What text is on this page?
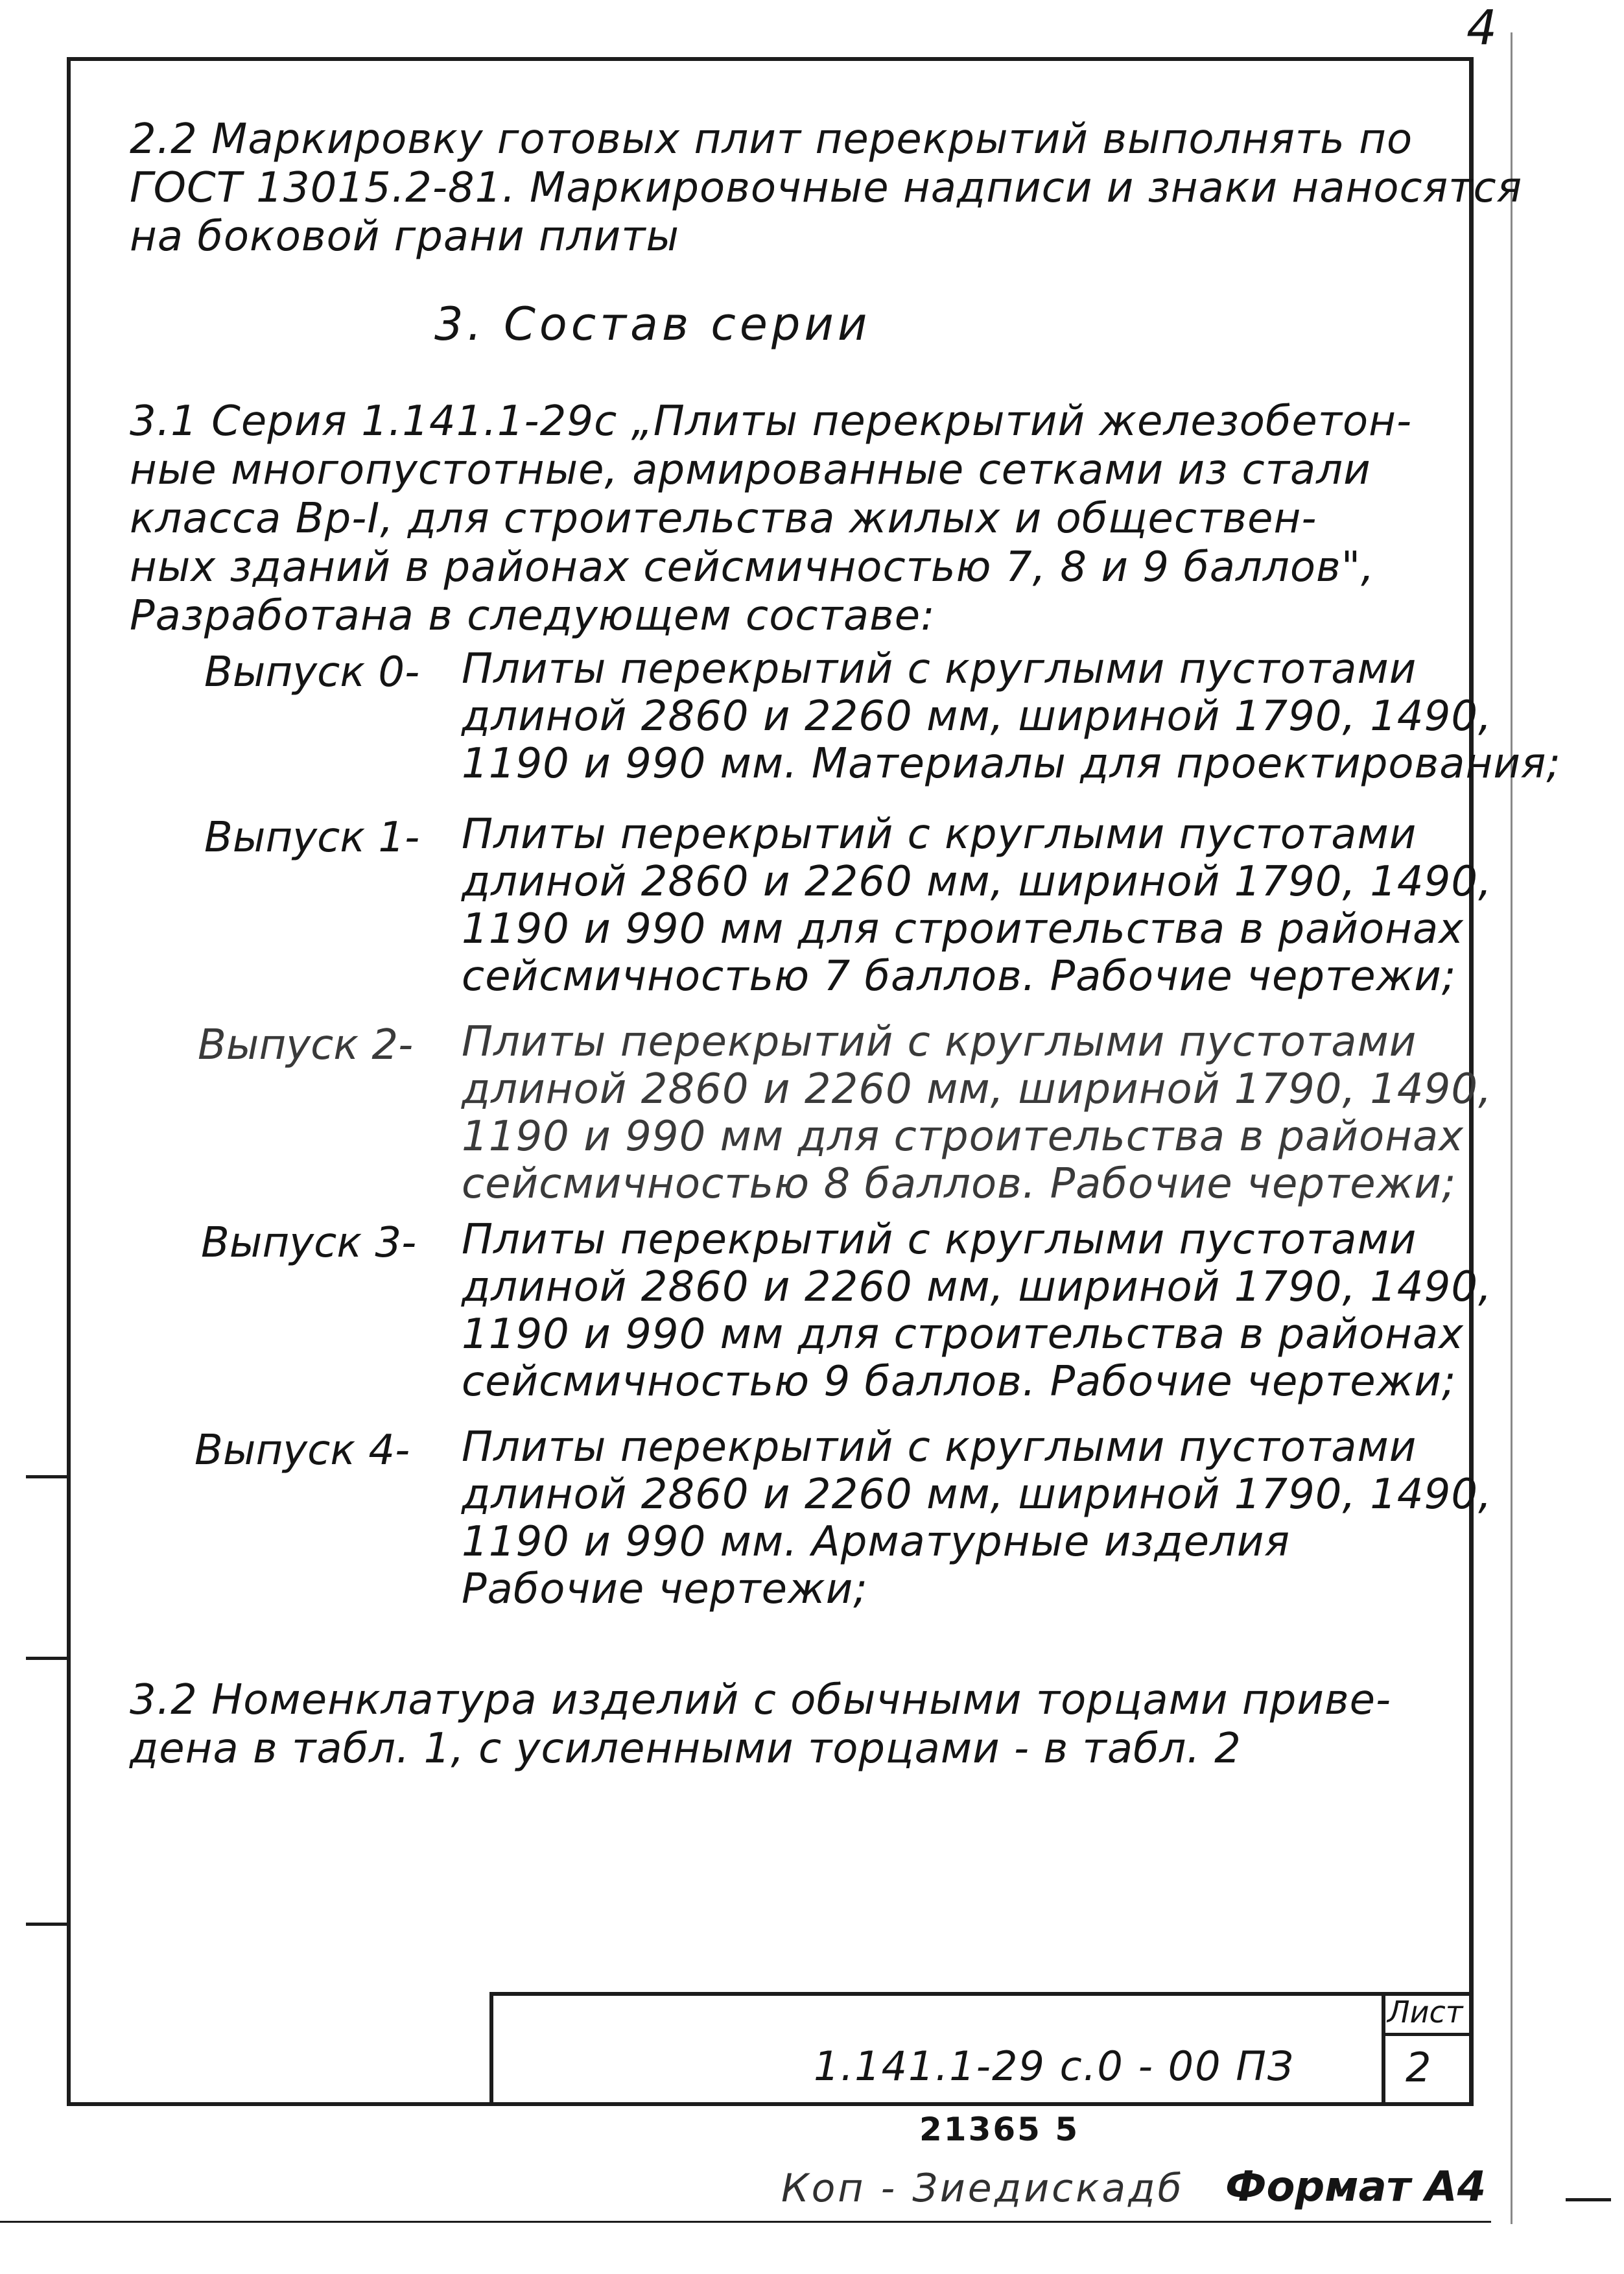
4
2.2 Маркировку готовых плит перекрытий выполнять по
ГОСТ 13015.2-81. Маркировочные надписи и знаки наносятся
на боковой грани плиты
3. Состав серии
3.1 Серия 1.141.1-29с „Плиты перекрытий железобетон-
ные многопустотные, армированные сетками из стали
класса Вр-I, для строительства жилых и обществен-
ных зданий в районах сейсмичностью 7, 8 и 9 баллов",
Разработана в следующем составе:
Выпуск 0- Плиты перекрытий с круглыми пустотами
длиной 2860 и 2260 мм, шириной 1790, 1490,
1190 и 990 мм. Материалы для проектирования;
Выпуск 1- Плиты перекрытий с круглыми пустотами
длиной 2860 и 2260 мм, шириной 1790, 1490,
1190 и 990 мм для строительства в районах
сейсмичностью 7 баллов. Рабочие чертежи;
Выпуск 2- Плиты перекрытий с круглыми пустотами
длиной 2860 и 2260 мм, шириной 1790, 1490,
1190 и 990 мм для строительства в районах
сейсмичностью 8 баллов. Рабочие чертежи;
Выпуск 3- Плиты перекрытий с круглыми пустотами
длиной 2860 и 2260 мм, шириной 1790, 1490,
1190 и 990 мм для строительства в районах
сейсмичностью 9 баллов. Рабочие чертежи;
Выпуск 4- Плиты перекрытий с круглыми пустотами
длиной 2860 и 2260 мм, шириной 1790, 1490,
1190 и 990 мм. Арматурные изделия
Рабочие чертежи;
3.2 Номенклатура изделий с обычными торцами приве-
дена в табл. 1, с усиленными торцами - в табл. 2
Лист
2
1.141.1-29 с.0 - 00 ПЗ
21365 5
Коп - Зиедискадб Формат А4
